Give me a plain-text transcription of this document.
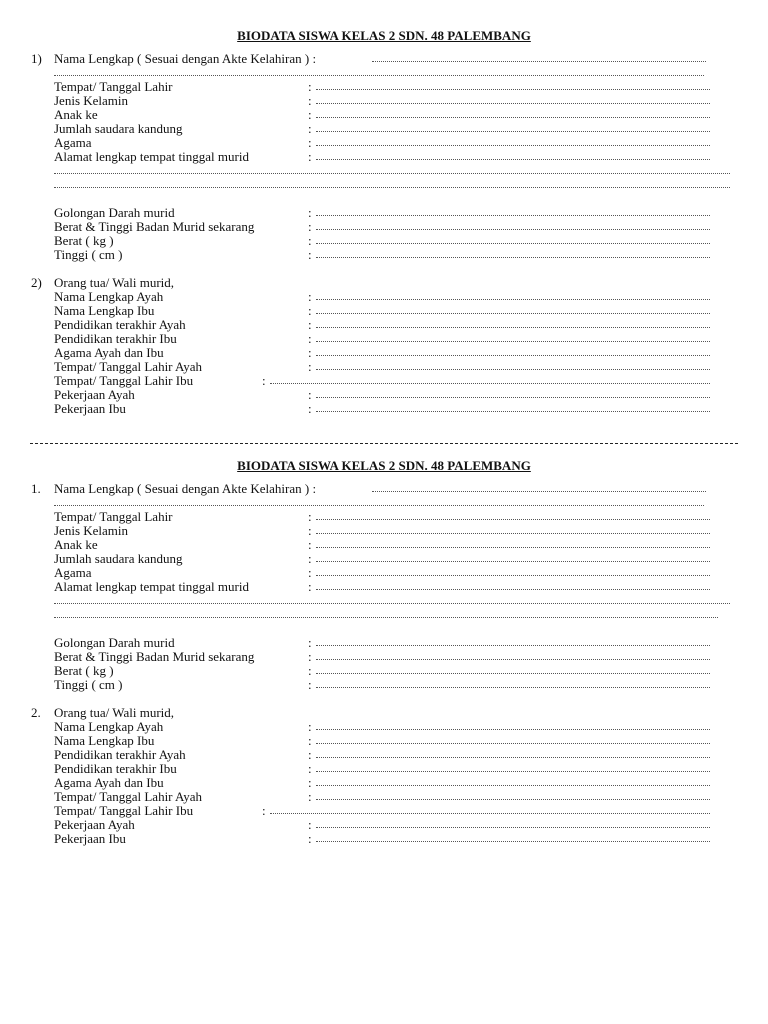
BIODATA SISWA KELAS 2 SDN. 48 PALEMBANG
1) Nama Lengkap ( Sesuai dengan Akte Kelahiran ) :
Tempat/ Tanggal Lahir	:
Jenis Kelamin	:
Anak ke	:
Jumlah saudara kandung	:
Agama	:
Alamat lengkap tempat tinggal murid	:
Golongan Darah murid	:
Berat & Tinggi Badan Murid sekarang	:
Berat ( kg )	:
Tinggi ( cm )	:
2) Orang tua/ Wali murid,
Nama Lengkap Ayah	:
Nama Lengkap Ibu	:
Pendidikan terakhir Ayah	:
Pendidikan terakhir Ibu	:
Agama Ayah dan Ibu	:
Tempat/ Tanggal Lahir Ayah	:
Tempat/ Tanggal Lahir Ibu	:
Pekerjaan Ayah	:
Pekerjaan Ibu	:
BIODATA SISWA KELAS 2 SDN. 48 PALEMBANG
1. Nama Lengkap ( Sesuai dengan Akte Kelahiran ) :
Tempat/ Tanggal Lahir	:
Jenis Kelamin	:
Anak ke	:
Jumlah saudara kandung	:
Agama	:
Alamat lengkap tempat tinggal murid	:
Golongan Darah murid	:
Berat & Tinggi Badan Murid sekarang	:
Berat ( kg )	:
Tinggi ( cm )	:
2. Orang tua/ Wali murid,
Nama Lengkap Ayah	:
Nama Lengkap Ibu	:
Pendidikan terakhir Ayah	:
Pendidikan terakhir Ibu	:
Agama Ayah dan Ibu	:
Tempat/ Tanggal Lahir Ayah	:
Tempat/ Tanggal Lahir Ibu	:
Pekerjaan Ayah	:
Pekerjaan Ibu	:
